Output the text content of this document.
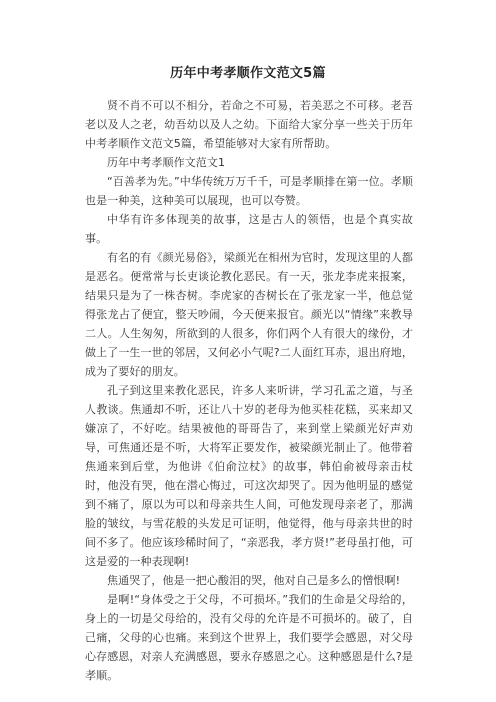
历年中考孝顺作文范文5篇

贤不肖不可以不相分，若命之不可易，若美恶之不可移。老吾老以及人之老，幼吾幼以及人之幼。下面给大家分享一些关于历年中考孝顺作文范文5篇，希望能够对大家有所帮助。

历年中考孝顺作文范文1

“百善孝为先。”中华传统万万千千，可是孝顺排在第一位。孝顺也是一种美，这种美可以展现，也可以夸赞。

中华有许多体现美的故事，这是古人的领悟，也是个真实故事。

有名的有《颜光易俗》，梁颜光在相州为官时，发现这里的人都是恶名。便常常与长吏谈论教化恶民。有一天，张龙李虎来报案，结果只是为了一株杏树。李虎家的杏树长在了张龙家一半，他总觉得张龙占了便宜，整天吵闹，今天便来报官。颜光以“情缘”来教导二人。人生匆匆，所欲到的人很多，你们两个人有很大的缘份，才做上了一生一世的邻居，又何必小气呢?二人面红耳赤，退出府地，成为了要好的朋友。

孔子到这里来教化恶民，许多人来听讲，学习孔孟之道，与圣人教谈。焦通却不听，还让八十岁的老母为他买桂花糕，买来却又嫌凉了，不好吃。结果被他的哥哥告了，来到堂上梁颜光好声劝导，可焦通还是不听，大将军正要发作，被梁颜光制止了。他带着焦通来到后堂，为他讲《伯俞泣杖》的故事，韩伯俞被母亲击杖时，他没有哭，他在潜心悔过，可这次却哭了。因为他明显的感觉到不痛了，原以为可以和母亲共生人间，可他发现母亲老了，那满脸的皱纹，与雪花般的头发足可证明，他觉得，他与母亲共世的时间不多了。他应该珍稀时间了，“亲恶我，孝方贤!”老母虽打他，可这是爱的一种表现啊!

焦通哭了，他是一把心酸泪的哭，他对自己是多么的憎恨啊!

是啊!“身体受之于父母，不可损坏。”我们的生命是父母给的，身上的一切是父母给的，没有父母的允许是不可损坏的。破了，自己痛，父母的心也痛。来到这个世界上，我们要学会感恩，对父母心存感恩，对亲人充满感恩，要永存感恩之心。这种感恩是什么?是孝顺。
